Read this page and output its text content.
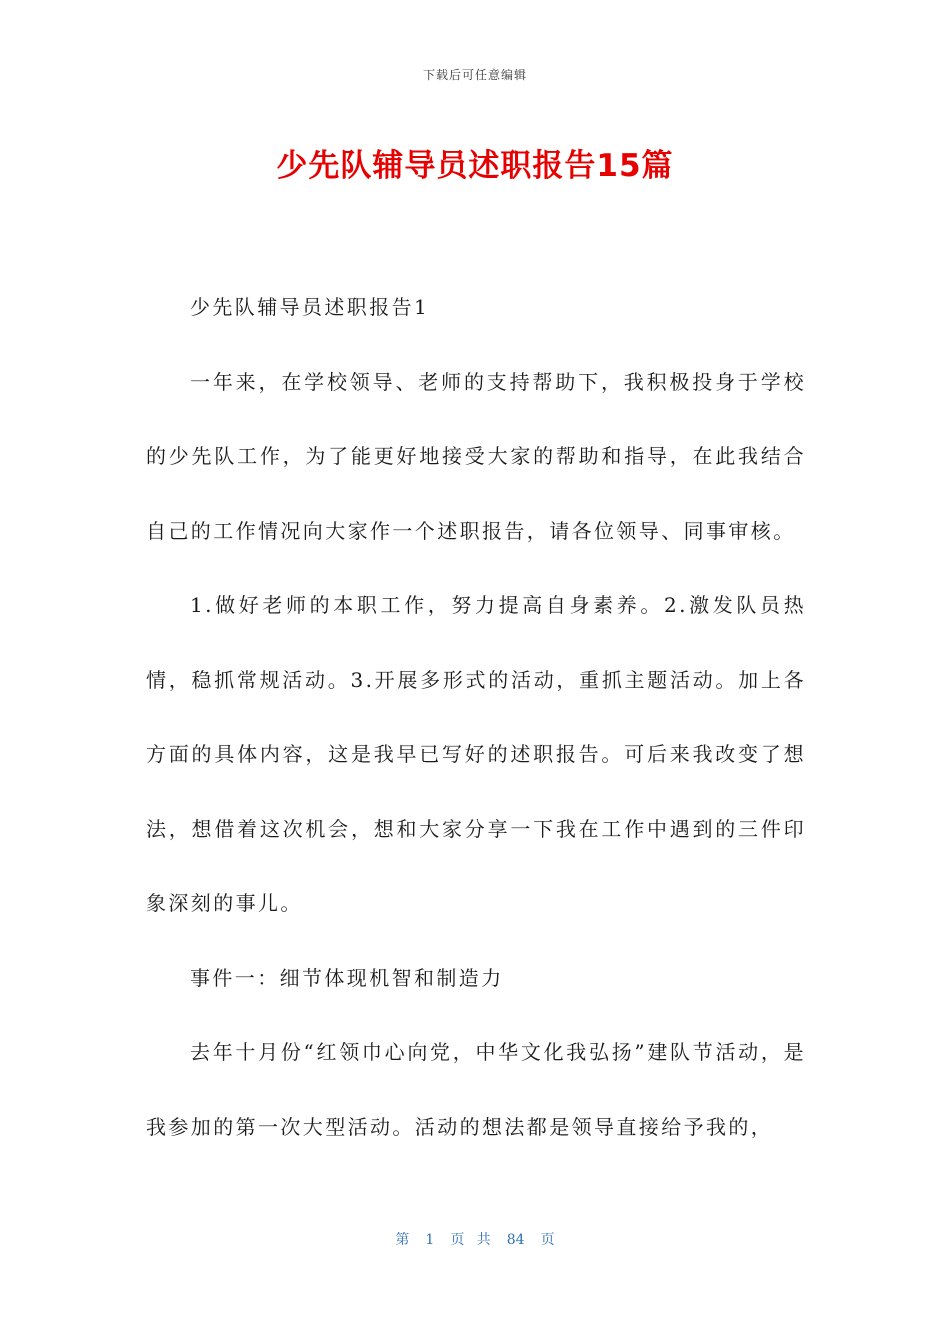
下载后可任意编辑
少先队辅导员述职报告15篇

少先队辅导员述职报告1

一年来，在学校领导、老师的支持帮助下，我积极投身于学校的少先队工作，为了能更好地接受大家的帮助和指导，在此我结合自己的工作情况向大家作一个述职报告，请各位领导、同事审核。

1.做好老师的本职工作，努力提高自身素养。2.激发队员热情，稳抓常规活动。3.开展多形式的活动，重抓主题活动。加上各方面的具体内容，这是我早已写好的述职报告。可后来我改变了想法，想借着这次机会，想和大家分享一下我在工作中遇到的三件印象深刻的事儿。

事件一：细节体现机智和制造力

去年十月份“红领巾心向党，中华文化我弘扬”建队节活动，是我参加的第一次大型活动。活动的想法都是领导直接给予我的，

第 1 页 共 84 页
